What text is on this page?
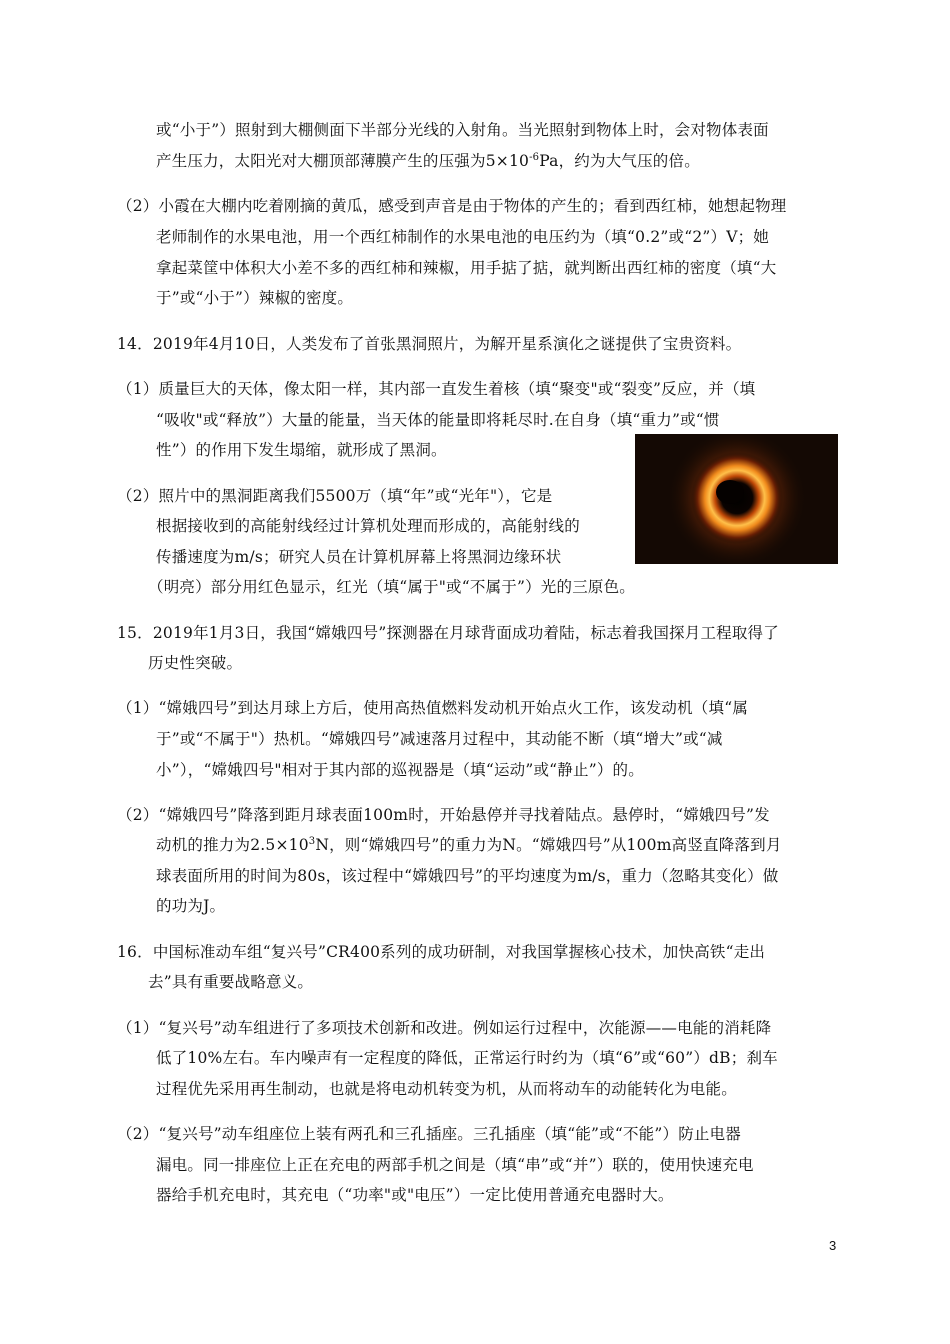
或“小于”）照射到大棚侧面下半部分光线的入射角。当光照射到物体上时，会对物体表面
产生压力，太阳光对大棚顶部薄膜产生的压强为$5\times 10^{-6}Pa$，约为大气压的倍。
（2）小霞在大棚内吃着刚摘的黄瓜，感受到声音是由于物体的产生的；看到西红柿，她想起物理
老师制作的水果电池，用一个西红柿制作的水果电池的电压约为（填“0.2”或“2”）V；她
拿起菜筐中体积大小差不多的西红柿和辣椒，用手掂了掂，就判断出西红柿的密度（填“大
于”或“小于”）辣椒的密度。
14．2019年4月10日，人类发布了首张黑洞照片，为解开星系演化之谜提供了宝贵资料。
（1）质量巨大的天体，像太阳一样，其内部一直发生着核（填“聚变"或“裂变”反应，并（填
“吸收"或“释放”）大量的能量，当天体的能量即将耗尽时.在自身（填“重力”或“惯
性”）的作用下发生塌缩，就形成了黑洞。
（2）照片中的黑洞距离我们5500万（填“年”或“光年"），它是
根据接收到的高能射线经过计算机处理而形成的，高能射线的
传播速度为m/s；研究人员在计算机屏幕上将黑洞边缘环状
（明亮）部分用红色显示，红光（填“属于"或“不属于”）光的三原色。
15．2019年1月3日，我国“嫦娥四号”探测器在月球背面成功着陆，标志着我国探月工程取得了
历史性突破。
（1）“嫦娥四号”到达月球上方后，使用高热值燃料发动机开始点火工作，该发动机（填“属
于”或“不属于"）热机。“嫦娥四号”减速落月过程中，其动能不断（填“增大”或“减
小”），“嫦娥四号"相对于其内部的巡视器是（填“运动”或“静止”）的。
（2）“嫦娥四号”降落到距月球表面100m时，开始悬停并寻找着陆点。悬停时，“嫦娥四号”发
动机的推力为$2.5\times 10^3N$，则“嫦娥四号”的重力为N。“嫦娥四号”从100m高竖直降落到月
球表面所用的时间为80s，该过程中“嫦娥四号”的平均速度为m/s，重力（忽略其变化）做
的功为J。
16．中国标准动车组“复兴号”CR400系列的成功研制，对我国掌握核心技术，加快高铁“走出
去”具有重要战略意义。
（1）“复兴号”动车组进行了多项技术创新和改进。例如运行过程中，次能源——电能的消耗降
低了10%左右。车内噪声有一定程度的降低，正常运行时约为（填“6”或“60”）dB；刹车
过程优先采用再生制动，也就是将电动机转变为机，从而将动车的动能转化为电能。
（2）“复兴号”动车组座位上装有两孔和三孔插座。三孔插座（填“能”或“不能”）防止电器
漏电。同一排座位上正在充电的两部手机之间是（填“串”或“并”）联的，使用快速充电
器给手机充电时，其充电（“功率"或"电压”）一定比使用普通充电器时大。
3
